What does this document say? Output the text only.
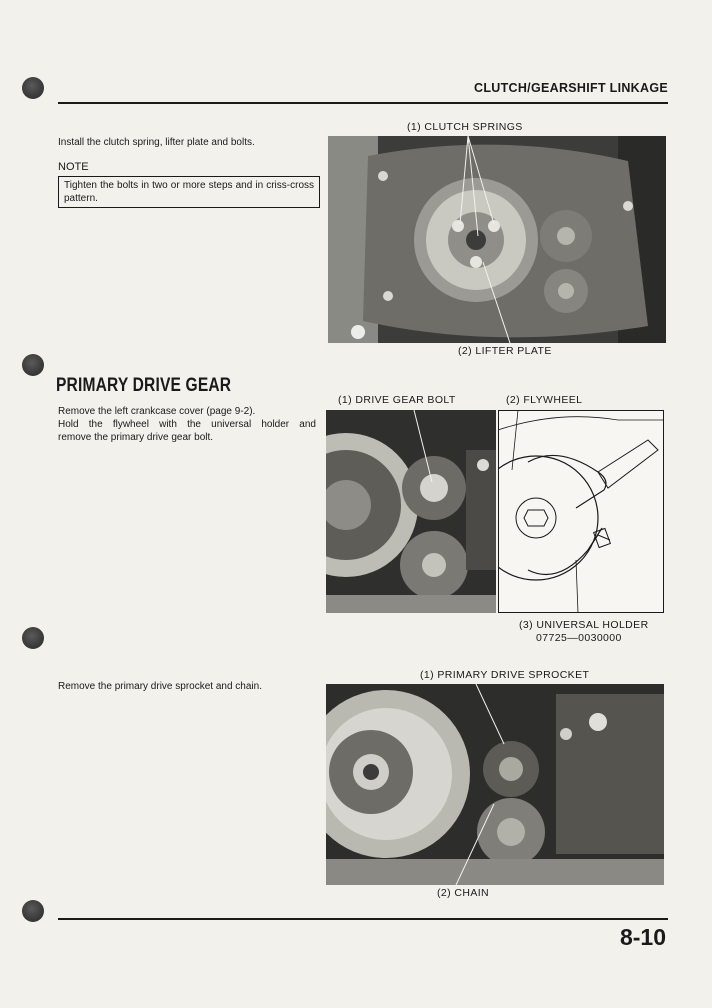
CLUTCH/GEARSHIFT LINKAGE
Install the clutch spring, lifter plate and bolts.
NOTE
Tighten the bolts in two or more steps and in criss-cross pattern.
(1) CLUTCH SPRINGS
(2) LIFTER PLATE
PRIMARY DRIVE GEAR
Remove the left crankcase cover (page 9-2).
Hold the flywheel with the universal holder and
remove the primary drive gear bolt.
(1) DRIVE GEAR BOLT	(2) FLYWHEEL
(3) UNIVERSAL HOLDER
07725—0030000
Remove the primary drive sprocket and chain.
(1) PRIMARY DRIVE SPROCKET
(2) CHAIN
8-10
